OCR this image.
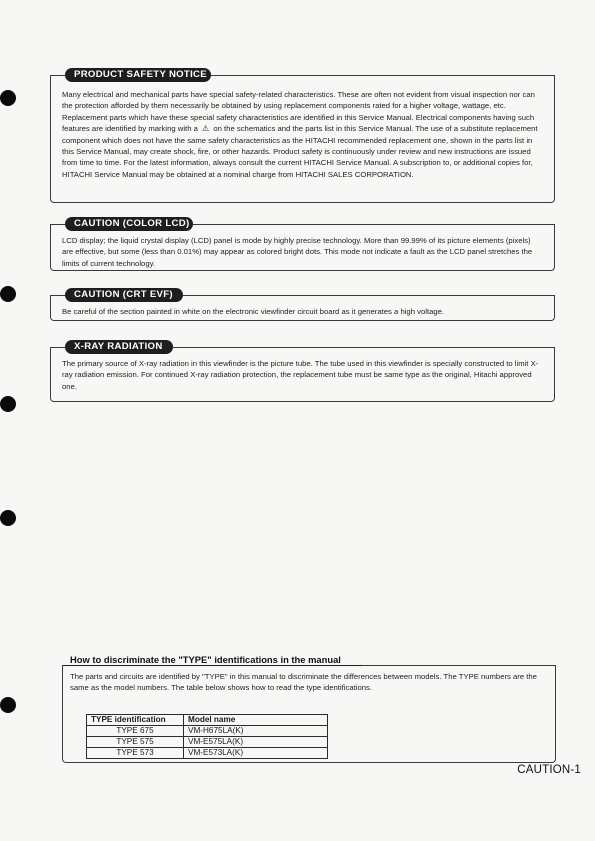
PRODUCT SAFETY NOTICE
Many electrical and mechanical parts have special safety-related characteristics. These are often not evident from visual inspection nor can the protection afforded by them necessarily be obtained by using replacement components rated for a higher voltage, wattage, etc. Replacement parts which have these special safety characteristics are identified in this Service Manual. Electrical components having such features are identified by marking with a ⚠ on the schematics and the parts list in this Service Manual. The use of a substitute replacement component which does not have the same safety characteristics as the HITACHI recommended replacement one, shown in the parts list in this Service Manual, may create shock, fire, or other hazards. Product safety is continuously under review and new instructions are issued from time to time. For the latest information, always consult the current HITACHI Service Manual. A subscription to, or additional copies for, HITACHI Service Manual may be obtained at a nominal charge from HITACHI SALES CORPORATION.
CAUTION (COLOR LCD)
LCD display; the liquid crystal display (LCD) panel is mode by highly precise technology. More than 99.99% of its picture elements (pixels) are effective, but some (less than 0.01%) may appear as colored bright dots. This mode not indicate a fault as the LCD panel stretches the limits of current technology.
CAUTION (CRT EVF)
Be careful of the section painted in white on the electronic viewfinder circuit board as it generates a high voltage.
X-RAY RADIATION
The primary source of X-ray radiation in this viewfinder is the picture tube. The tube used in this viewfinder is specially constructed to limit X-ray radiation emission. For continued X-ray radiation protection, the replacement tube must be same type as the original, Hitachi approved one.
How to discriminate the "TYPE" identifications in the manual
The parts and circuits are identified by "TYPE" in this manual to discriminate the differences between models. The TYPE numbers are the same as the model numbers. The table below shows how to read the type identifications.
TYPE identification	Model name
TYPE 675	VM-H675LA(K)
TYPE 575	VM-E575LA(K)
TYPE 573	VM-E573LA(K)
CAUTION-1
